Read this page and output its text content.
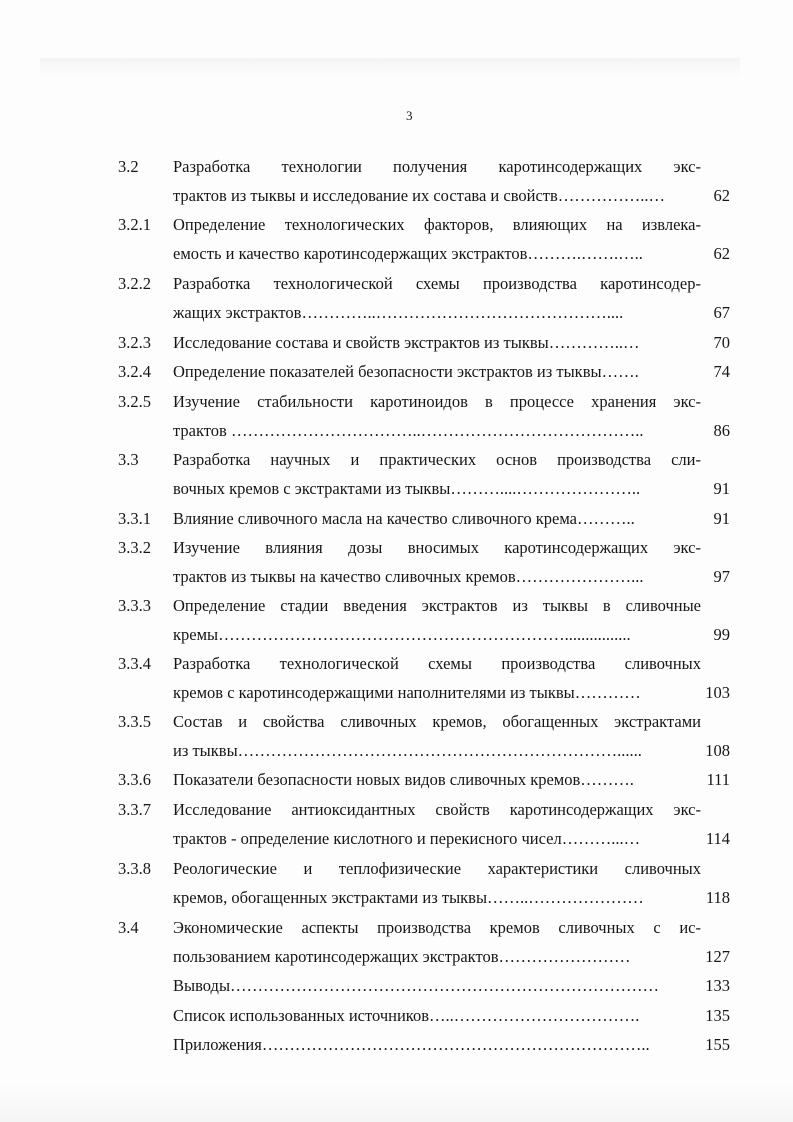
3
3.2	Разработка технологии получения каротинсодержащих экс-
трактов из тыквы и исследование их состава и свойств……………..…	62
3.2.1	Определение технологических факторов, влияющих на извлека-
емость и качество каротинсодержащих экстрактов……….…….…..	62
3.2.2	Разработка технологической схемы производства каротинсодер-
жащих экстрактов…………..……………………………………....	67
3.2.3	Исследование состава и свойств экстрактов из тыквы…………..…	70
3.2.4	Определение показателей безопасности экстрактов из тыквы…….	74
3.2.5	Изучение стабильности каротиноидов в процессе хранения экс-
трактов ……………………………..…………………………………..	86
3.3	Разработка научных и практических основ производства сли-
вочных кремов с экстрактами из тыквы………....…………………..	91
3.3.1	Влияние сливочного масла на качество сливочного крема………..	91
3.3.2	Изучение влияния дозы вносимых каротинсодержащих экс-
трактов из тыквы на качество сливочных кремов…………………...	97
3.3.3	Определение стадии введения экстрактов из тыквы в сливочные
кремы………………………………………………………................	99
3.3.4	Разработка технологической схемы производства сливочных
кремов с каротинсодержащими наполнителями из тыквы…………	103
3.3.5	Состав и свойства сливочных кремов, обогащенных экстрактами
из тыквы……………………………………………………………......	108
3.3.6	Показатели безопасности новых видов сливочных кремов……….	111
3.3.7	Исследование антиоксидантных свойств каротинсодержащих экс-
трактов - определение кислотного и перекисного чисел………...…	114
3.3.8	Реологические и теплофизические характеристики сливочных
кремов, обогащенных экстрактами из тыквы……..…………………	118
3.4	Экономические аспекты производства кремов сливочных с ис-
пользованием каротинсодержащих экстрактов……………………	127
Выводы……………………………………………………………………	133
Список использованных источников…..…………………………….	135
Приложения……………………………………………………………..	155
